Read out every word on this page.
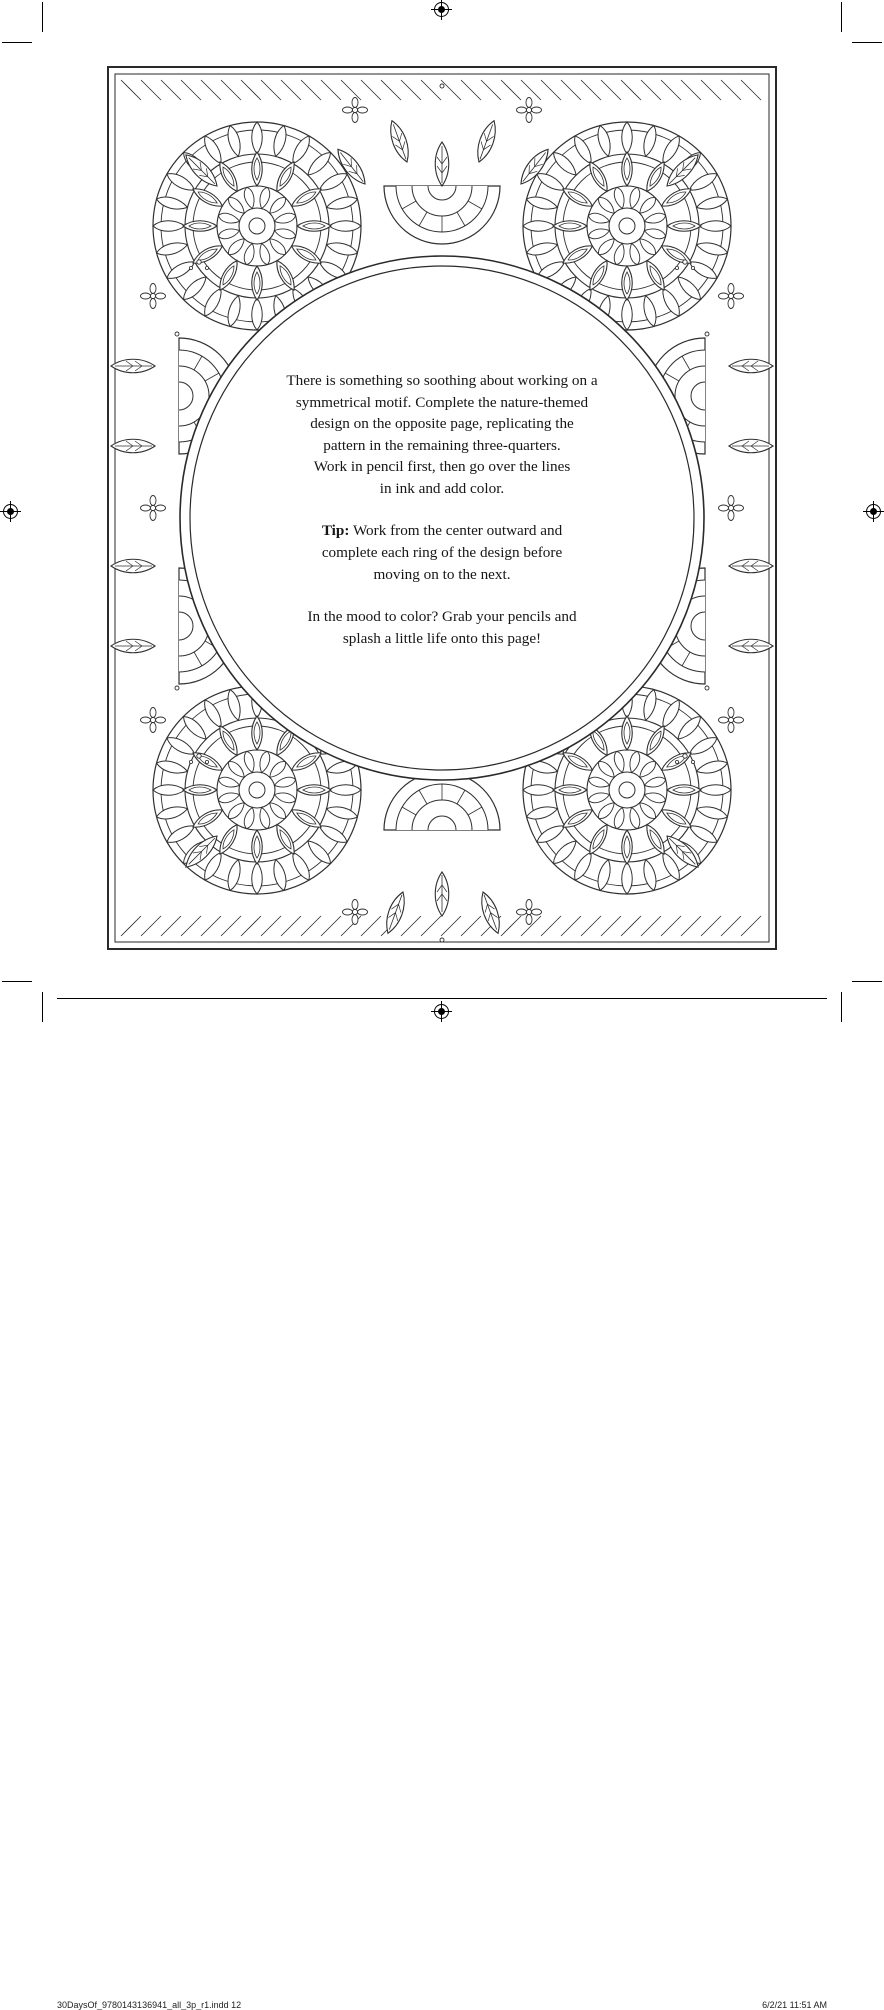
There is something so soothing about working on a

symmetrical motif. Complete the nature-themed

design on the opposite page, replicating the

pattern in the remaining three-quarters.

Work in pencil first, then go over the lines

in ink and add color.

Tip: Work from the center outward and

complete each ring of the design before

moving on to the next.

In the mood to color? Grab your pencils and

splash a little life onto this page!

30DaysOf_9780143136941_all_3p_r1.indd 12	6/2/21 11:51 AM
